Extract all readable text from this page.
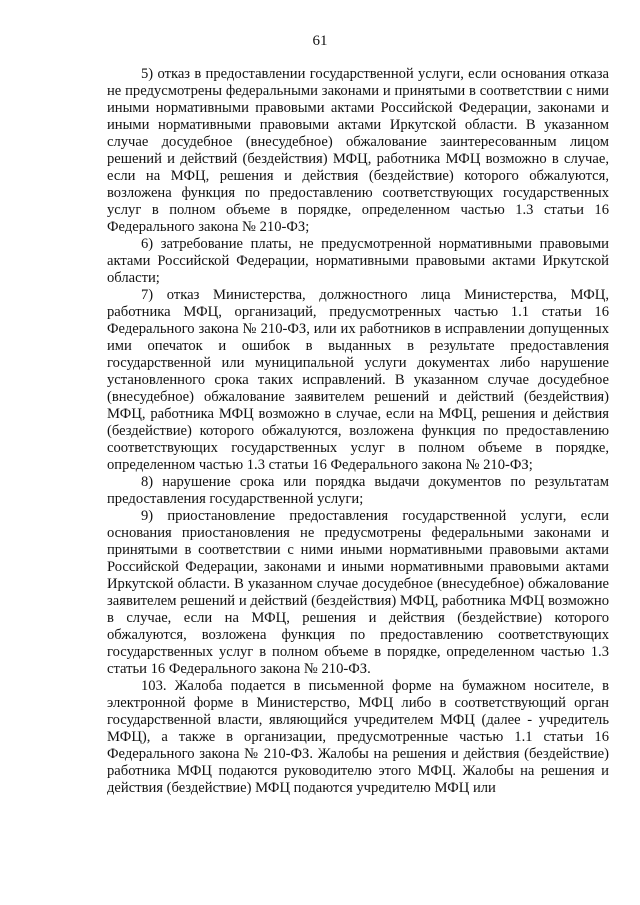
61

5) отказ в предоставлении государственной услуги, если основания отказа не предусмотрены федеральными законами и принятыми в соответствии с ними иными нормативными правовыми актами Российской Федерации, законами и иными нормативными правовыми актами Иркутской области. В указанном случае досудебное (внесудебное) обжалование заинтересованным лицом решений и действий (бездействия) МФЦ, работника МФЦ возможно в случае, если на МФЦ, решения и действия (бездействие) которого обжалуются, возложена функция по предоставлению соответствующих государственных услуг в полном объеме в порядке, определенном частью 1.3 статьи 16 Федерального закона № 210-ФЗ;

6) затребование платы, не предусмотренной нормативными правовыми актами Российской Федерации, нормативными правовыми актами Иркутской области;

7) отказ Министерства, должностного лица Министерства, МФЦ, работника МФЦ, организаций, предусмотренных частью 1.1 статьи 16 Федерального закона № 210-ФЗ, или их работников в исправлении допущенных ими опечаток и ошибок в выданных в результате предоставления государственной или муниципальной услуги документах либо нарушение установленного срока таких исправлений. В указанном случае досудебное (внесудебное) обжалование заявителем решений и действий (бездействия) МФЦ, работника МФЦ возможно в случае, если на МФЦ, решения и действия (бездействие) которого обжалуются, возложена функция по предоставлению соответствующих государственных услуг в полном объеме в порядке, определенном частью 1.3 статьи 16 Федерального закона № 210-ФЗ;

8) нарушение срока или порядка выдачи документов по результатам предоставления государственной услуги;

9) приостановление предоставления государственной услуги, если основания приостановления не предусмотрены федеральными законами и принятыми в соответствии с ними иными нормативными правовыми актами Российской Федерации, законами и иными нормативными правовыми актами Иркутской области. В указанном случае досудебное (внесудебное) обжалование заявителем решений и действий (бездействия) МФЦ, работника МФЦ возможно в случае, если на МФЦ, решения и действия (бездействие) которого обжалуются, возложена функция по предоставлению соответствующих государственных услуг в полном объеме в порядке, определенном частью 1.3 статьи 16 Федерального закона № 210-ФЗ.

103. Жалоба подается в письменной форме на бумажном носителе, в электронной форме в Министерство, МФЦ либо в соответствующий орган государственной власти, являющийся учредителем МФЦ (далее - учредитель МФЦ), а также в организации, предусмотренные частью 1.1 статьи 16 Федерального закона № 210-ФЗ. Жалобы на решения и действия (бездействие) работника МФЦ подаются руководителю этого МФЦ. Жалобы на решения и действия (бездействие) МФЦ подаются учредителю МФЦ или
